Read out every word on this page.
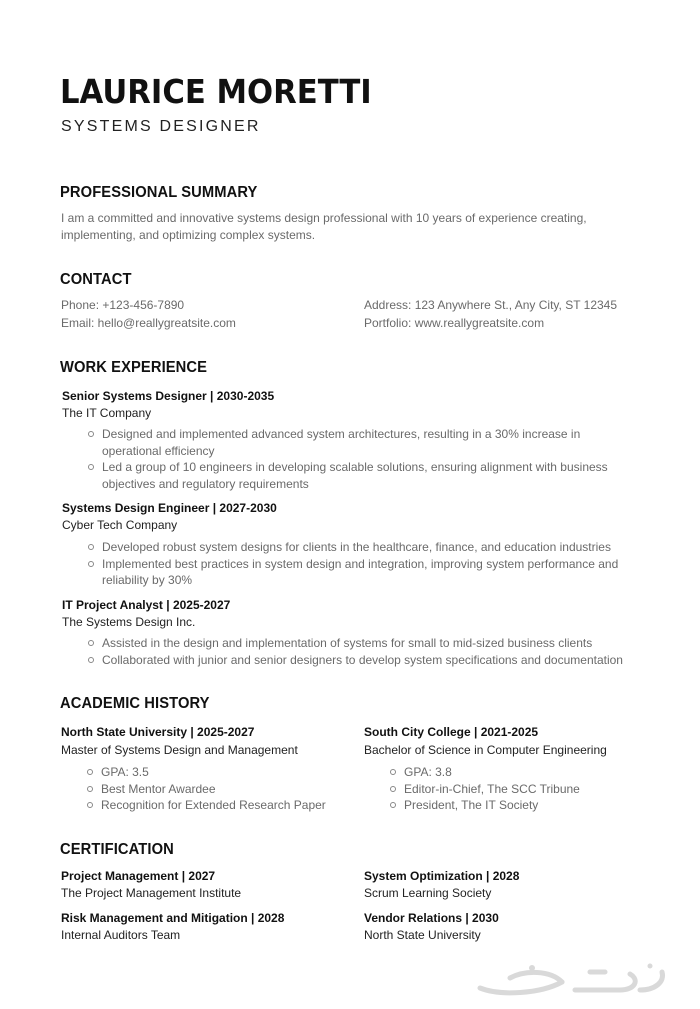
LAURICE MORETTI
SYSTEMS DESIGNER
PROFESSIONAL SUMMARY
I am a committed and innovative systems design professional with 10 years of experience creating,
implementing, and optimizing complex systems.
CONTACT
Phone: +123-456-7890
Email: hello@reallygreatsite.com
Address: 123 Anywhere St., Any City, ST 12345
Portfolio: www.reallygreatsite.com
WORK EXPERIENCE
Senior Systems Designer | 2030-2035
The IT Company
Designed and implemented advanced system architectures, resulting in a 30% increase in
operational efficiency
Led a group of 10 engineers in developing scalable solutions, ensuring alignment with business
objectives and regulatory requirements
Systems Design Engineer | 2027-2030
Cyber Tech Company
Developed robust system designs for clients in the healthcare, finance, and education industries
Implemented best practices in system design and integration, improving system performance and
reliability by 30%
IT Project Analyst | 2025-2027
The Systems Design Inc.
Assisted in the design and implementation of systems for small to mid-sized business clients
Collaborated with junior and senior designers to develop system specifications and documentation
ACADEMIC HISTORY
North State University | 2025-2027
Master of Systems Design and Management
GPA: 3.5
Best Mentor Awardee
Recognition for Extended Research Paper
South City College | 2021-2025
Bachelor of Science in Computer Engineering
GPA: 3.8
Editor-in-Chief, The SCC Tribune
President, The IT Society
CERTIFICATION
Project Management | 2027
The Project Management Institute
System Optimization | 2028
Scrum Learning Society
Risk Management and Mitigation | 2028
Internal Auditors Team
Vendor Relations | 2030
North State University
